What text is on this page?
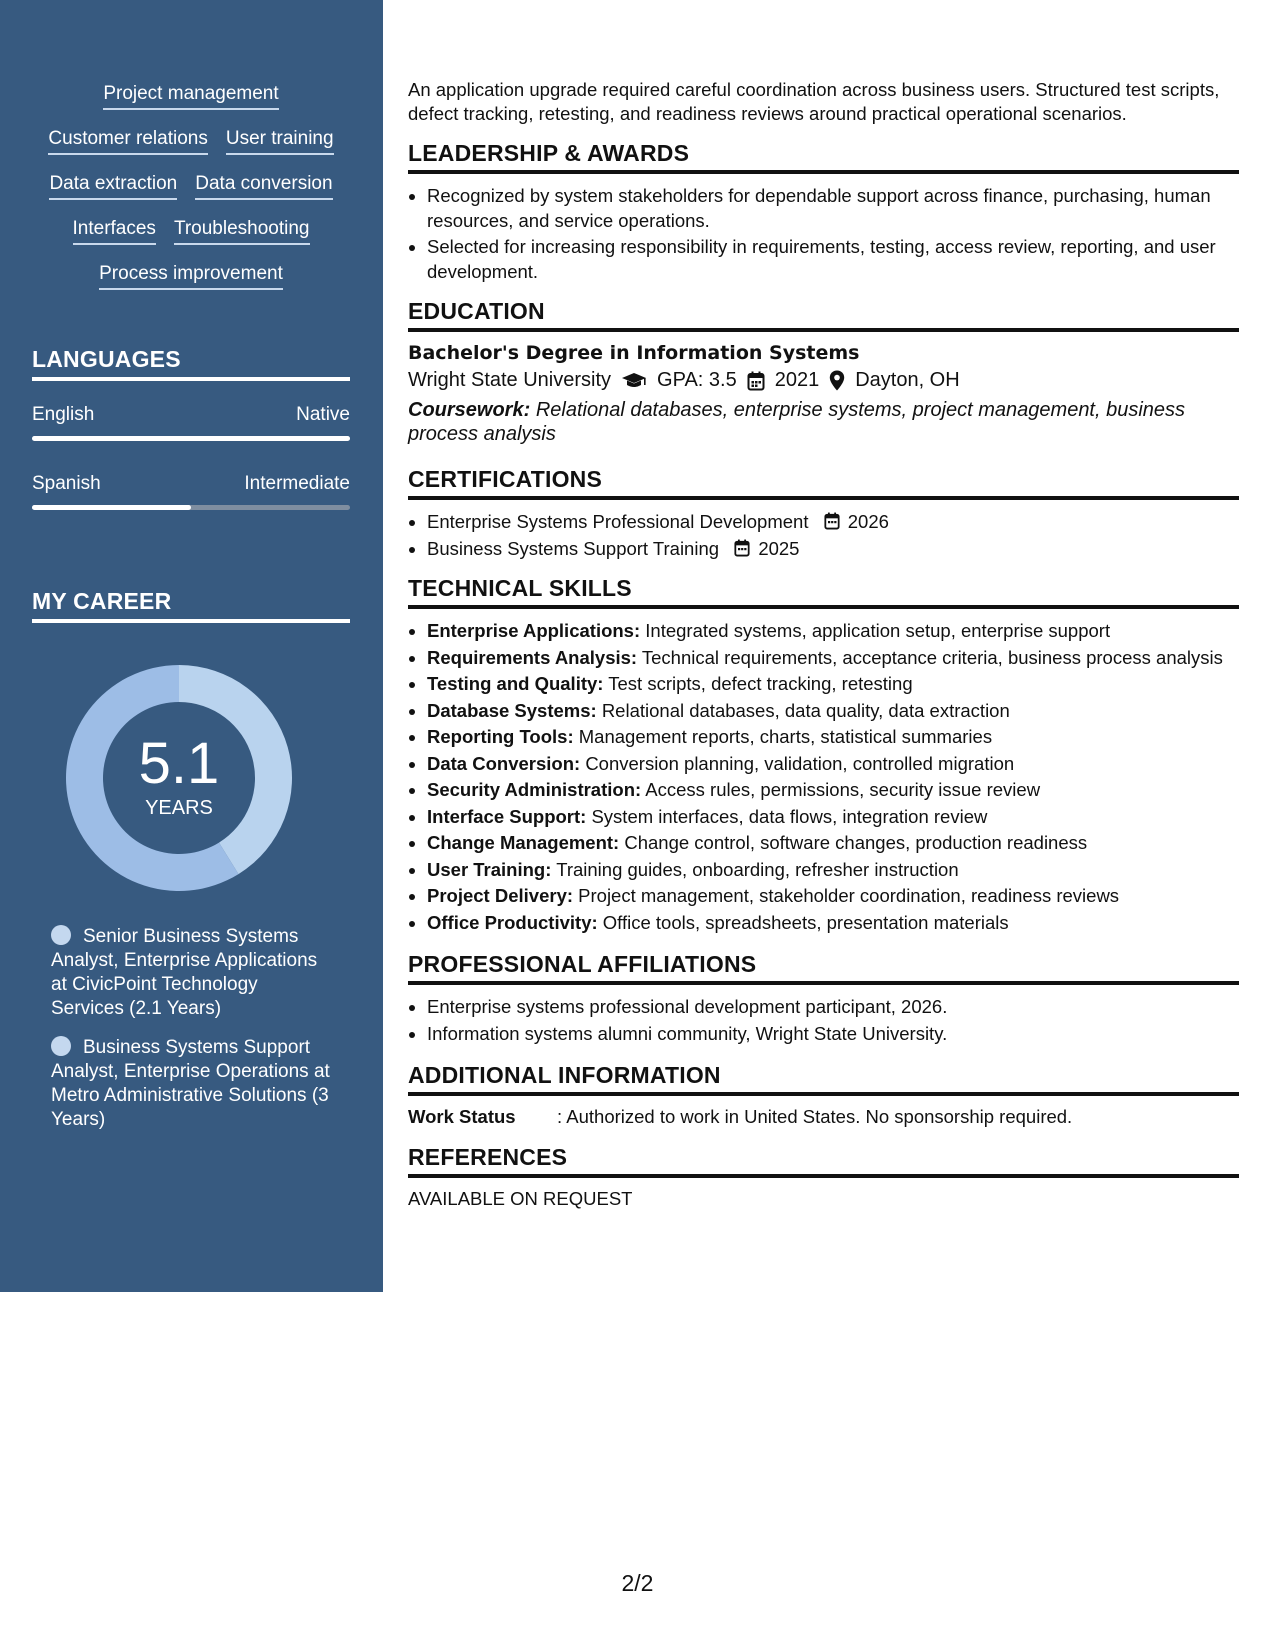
Project management
Customer relations User training
Data extraction Data conversion
Interfaces Troubleshooting
Process improvement
LANGUAGES
English	Native
Spanish	Intermediate
MY CAREER
5.1
YEARS
Senior Business Systems Analyst, Enterprise Applications at CivicPoint Technology Services (2.1 Years)
Business Systems Support Analyst, Enterprise Operations at Metro Administrative Solutions (3 Years)
An application upgrade required careful coordination across business users. Structured test scripts, defect tracking, retesting, and readiness reviews around practical operational scenarios.
LEADERSHIP & AWARDS
• Recognized by system stakeholders for dependable support across finance, purchasing, human resources, and service operations.
• Selected for increasing responsibility in requirements, testing, access review, reporting, and user development.
EDUCATION
Bachelor's Degree in Information Systems
Wright State University GPA: 3.5 2021 Dayton, OH
Coursework: Relational databases, enterprise systems, project management, business process analysis
CERTIFICATIONS
• Enterprise Systems Professional Development 2026
• Business Systems Support Training 2025
TECHNICAL SKILLS
• Enterprise Applications: Integrated systems, application setup, enterprise support
• Requirements Analysis: Technical requirements, acceptance criteria, business process analysis
• Testing and Quality: Test scripts, defect tracking, retesting
• Database Systems: Relational databases, data quality, data extraction
• Reporting Tools: Management reports, charts, statistical summaries
• Data Conversion: Conversion planning, validation, controlled migration
• Security Administration: Access rules, permissions, security issue review
• Interface Support: System interfaces, data flows, integration review
• Change Management: Change control, software changes, production readiness
• User Training: Training guides, onboarding, refresher instruction
• Project Delivery: Project management, stakeholder coordination, readiness reviews
• Office Productivity: Office tools, spreadsheets, presentation materials
PROFESSIONAL AFFILIATIONS
• Enterprise systems professional development participant, 2026.
• Information systems alumni community, Wright State University.
ADDITIONAL INFORMATION
Work Status	: Authorized to work in United States. No sponsorship required.
REFERENCES
AVAILABLE ON REQUEST
2/2
